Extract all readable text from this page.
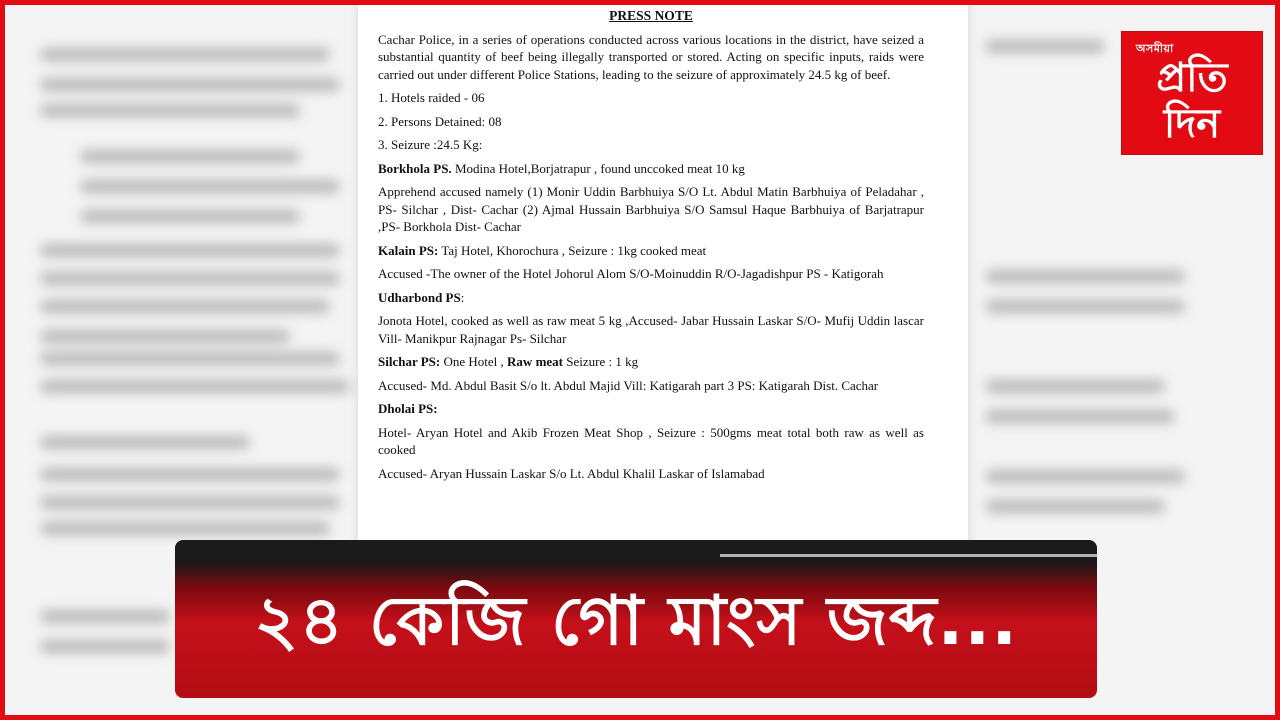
PRESS NOTE

Cachar Police, in a series of operations conducted across various locations in the district, have seized a substantial quantity of beef being illegally transported or stored. Acting on specific inputs, raids were carried out under different Police Stations, leading to the seizure of approximately 24.5 kg of beef.

1. Hotels raided - 06

2. Persons Detained: 08

3. Seizure :24.5 Kg:

Borkhola PS. Modina Hotel,Borjatrapur , found unccoked meat 10 kg

Apprehend accused namely (1) Monir Uddin Barbhuiya S/O Lt. Abdul Matin Barbhuiya of Peladahar , PS- Silchar , Dist- Cachar (2) Ajmal Hussain Barbhuiya S/O Samsul Haque Barbhuiya of Barjatrapur ,PS- Borkhola Dist- Cachar

Kalain PS: Taj Hotel, Khorochura , Seizure : 1kg cooked meat

Accused -The owner of the Hotel Johorul Alom S/O-Moinuddin R/O-Jagadishpur PS - Katigorah

Udharbond PS:

Jonota Hotel, cooked as well as raw meat 5 kg ,Accused- Jabar Hussain Laskar S/O- Mufij Uddin lascar Vill- Manikpur Rajnagar Ps- Silchar

Silchar PS: One Hotel , Raw meat Seizure : 1 kg

Accused- Md. Abdul Basit S/o lt. Abdul Majid Vill: Katigarah part 3 PS: Katigarah Dist. Cachar

Dholai PS:

Hotel- Aryan Hotel and Akib Frozen Meat Shop , Seizure : 500gms meat total both raw as well as cooked

Accused- Aryan Hussain Laskar S/o Lt. Abdul Khalil Laskar of Islamabad

অসমীয়া
প্ৰতি
দিন
২৪ কেজি গো মাংস জব্দ...
